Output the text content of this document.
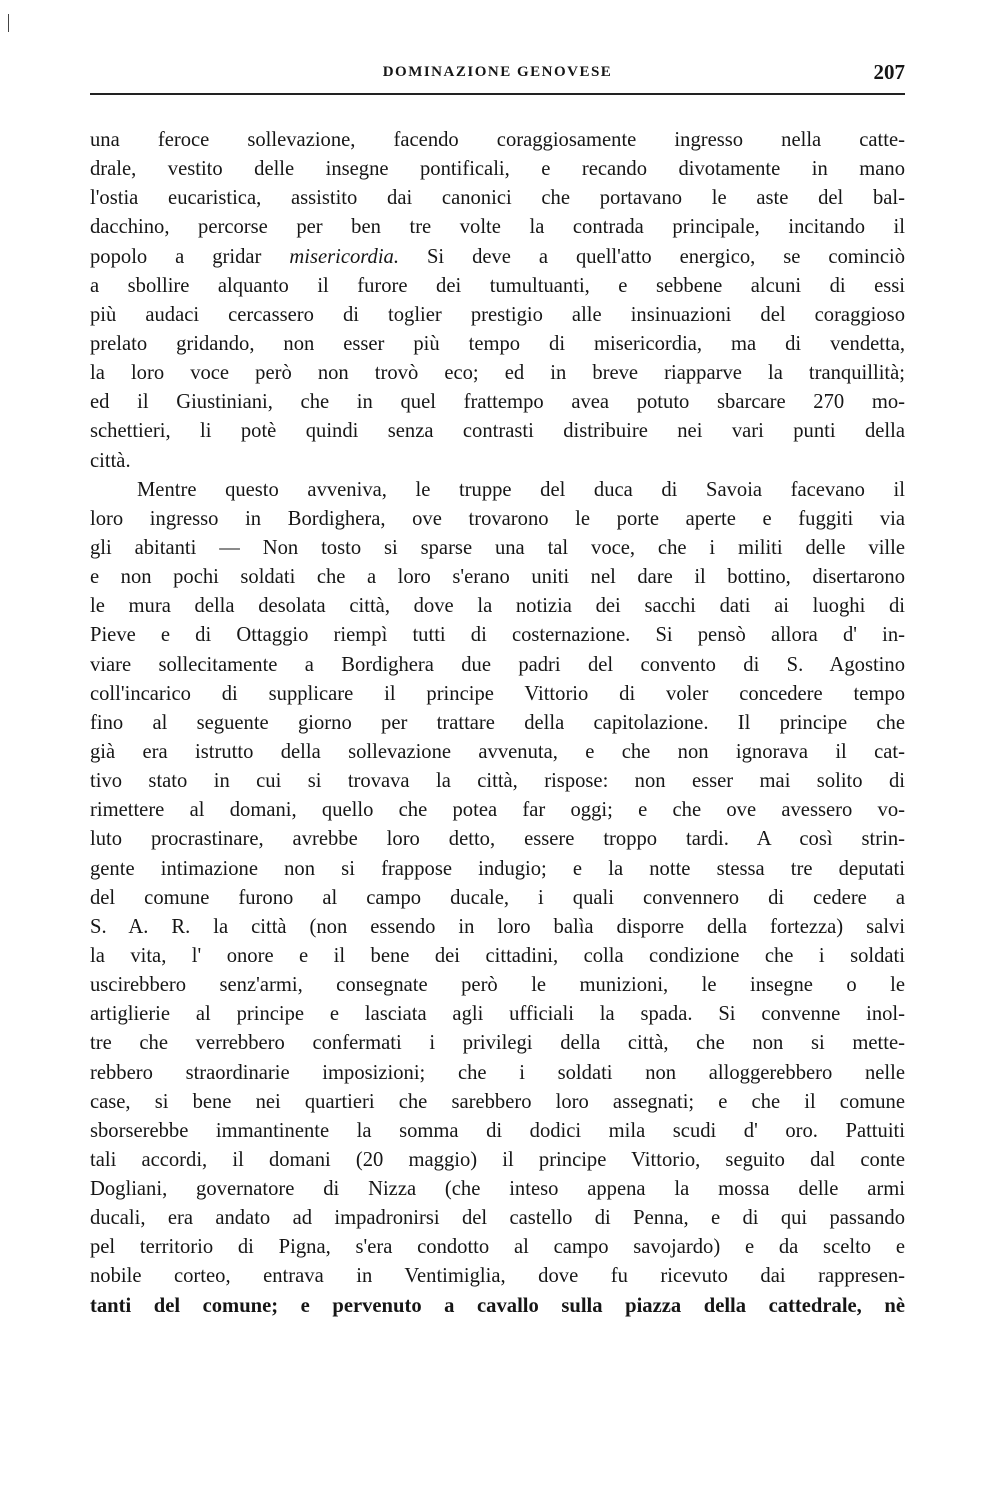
DOMINAZIONE GENOVESE	207
una feroce sollevazione, facendo coraggiosamente ingresso nella catte-
drale, vestito delle insegne pontificali, e recando divotamente in mano
l'ostia eucaristica, assistito dai canonici che portavano le aste del bal-
dacchino, percorse per ben tre volte la contrada principale, incitando il
popolo a gridar misericordia. Si deve a quell'atto energico, se cominciò
a sbollire alquanto il furore dei tumultuanti, e sebbene alcuni di essi
più audaci cercassero di toglier prestigio alle insinuazioni del coraggioso
prelato gridando, non esser più tempo di misericordia, ma di vendetta,
la loro voce però non trovò eco; ed in breve riapparve la tranquillità;
ed il Giustiniani, che in quel frattempo avea potuto sbarcare 270 mo-
schettieri, li potè quindi senza contrasti distribuire nei vari punti della
città.
Mentre questo avveniva, le truppe del duca di Savoia facevano il
loro ingresso in Bordighera, ove trovarono le porte aperte e fuggiti via
gli abitanti — Non tosto si sparse una tal voce, che i militi delle ville
e non pochi soldati che a loro s'erano uniti nel dare il bottino, disertarono
le mura della desolata città, dove la notizia dei sacchi dati ai luoghi di
Pieve e di Ottaggio riempì tutti di costernazione. Si pensò allora d' in-
viare sollecitamente a Bordighera due padri del convento di S. Agostino
coll'incarico di supplicare il principe Vittorio di voler concedere tempo
fino al seguente giorno per trattare della capitolazione. Il principe che
già era istrutto della sollevazione avvenuta, e che non ignorava il cat-
tivo stato in cui si trovava la città, rispose: non esser mai solito di
rimettere al domani, quello che potea far oggi; e che ove avessero vo-
luto procrastinare, avrebbe loro detto, essere troppo tardi. A così strin-
gente intimazione non si frappose indugio; e la notte stessa tre deputati
del comune furono al campo ducale, i quali convennero di cedere a
S. A. R. la città (non essendo in loro balìa disporre della fortezza) salvi
la vita, l' onore e il bene dei cittadini, colla condizione che i soldati
uscirebbero senz'armi, consegnate però le munizioni, le insegne o le
artiglierie al principe e lasciata agli ufficiali la spada. Si convenne inol-
tre che verrebbero confermati i privilegi della città, che non si mette-
rebbero straordinarie imposizioni; che i soldati non alloggerebbero nelle
case, si bene nei quartieri che sarebbero loro assegnati; e che il comune
sborserebbe immantinente la somma di dodici mila scudi d' oro. Pattuiti
tali accordi, il domani (20 maggio) il principe Vittorio, seguito dal conte
Dogliani, governatore di Nizza (che inteso appena la mossa delle armi
ducali, era andato ad impadronirsi del castello di Penna, e di qui passando
pel territorio di Pigna, s'era condotto al campo savojardo) e da scelto e
nobile corteo, entrava in Ventimiglia, dove fu ricevuto dai rappresen-
tanti del comune; e pervenuto a cavallo sulla piazza della cattedrale, nè
